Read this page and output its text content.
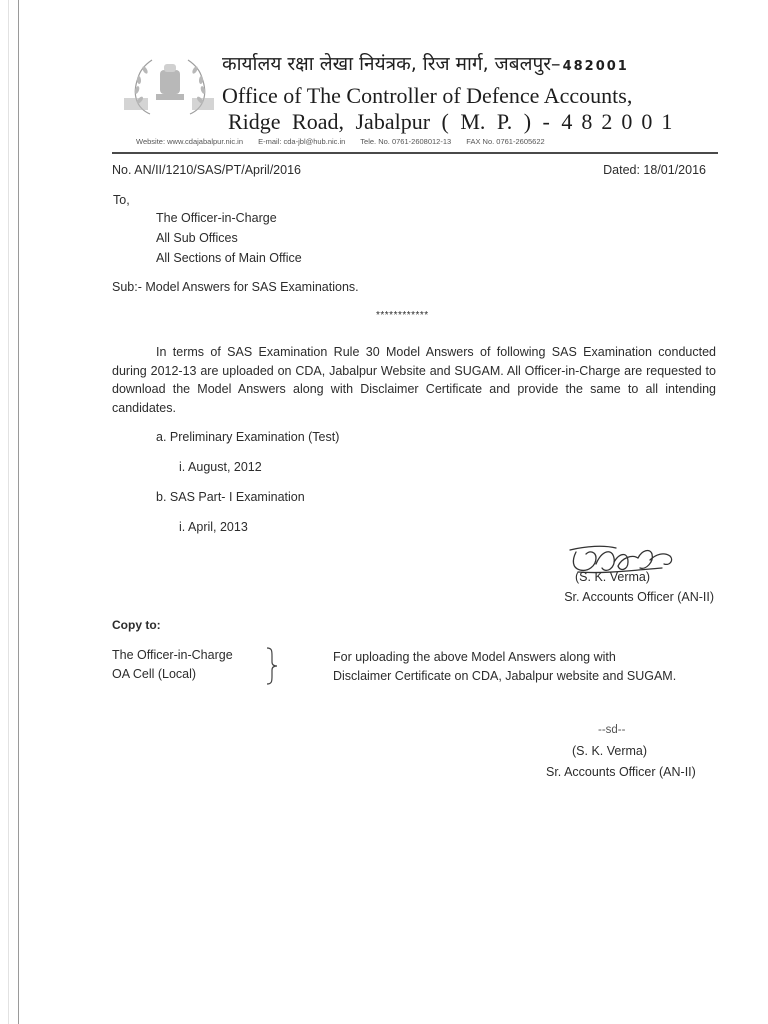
कार्यालय रक्षा लेखा नियंत्रक, रिज मार्ग, जबलपुर– 482001
Office of The Controller of Defence Accounts,
Ridge Road, Jabalpur ( M. P. ) - 482001
Website: www.cdajabalpur.nic.in E-mail: cda-jbl@hub.nic.in Tele. No. 0761-2608012-13 FAX No. 0761-2605622
No. AN/II/1210/SAS/PT/April/2016	Dated: 18/01/2016
To,
The Officer-in-Charge
All Sub Offices
All Sections of Main Office
Sub:- Model Answers for SAS Examinations.
************
In terms of SAS Examination Rule 30 Model Answers of following SAS Examination conducted during 2012-13 are uploaded on CDA, Jabalpur Website and SUGAM. All Officer-in-Charge are requested to download the Model Answers along with Disclaimer Certificate and provide the same to all intending candidates.
a. Preliminary Examination (Test)
i. August, 2012
b. SAS Part- I Examination
i. April, 2013
(S. K. Verma)
Sr. Accounts Officer (AN-II)
Copy to:
The Officer-in-Charge
OA Cell (Local)
For uploading the above Model Answers along with
Disclaimer Certificate on CDA, Jabalpur website and SUGAM.
--sd--
(S. K. Verma)
Sr. Accounts Officer (AN-II)
